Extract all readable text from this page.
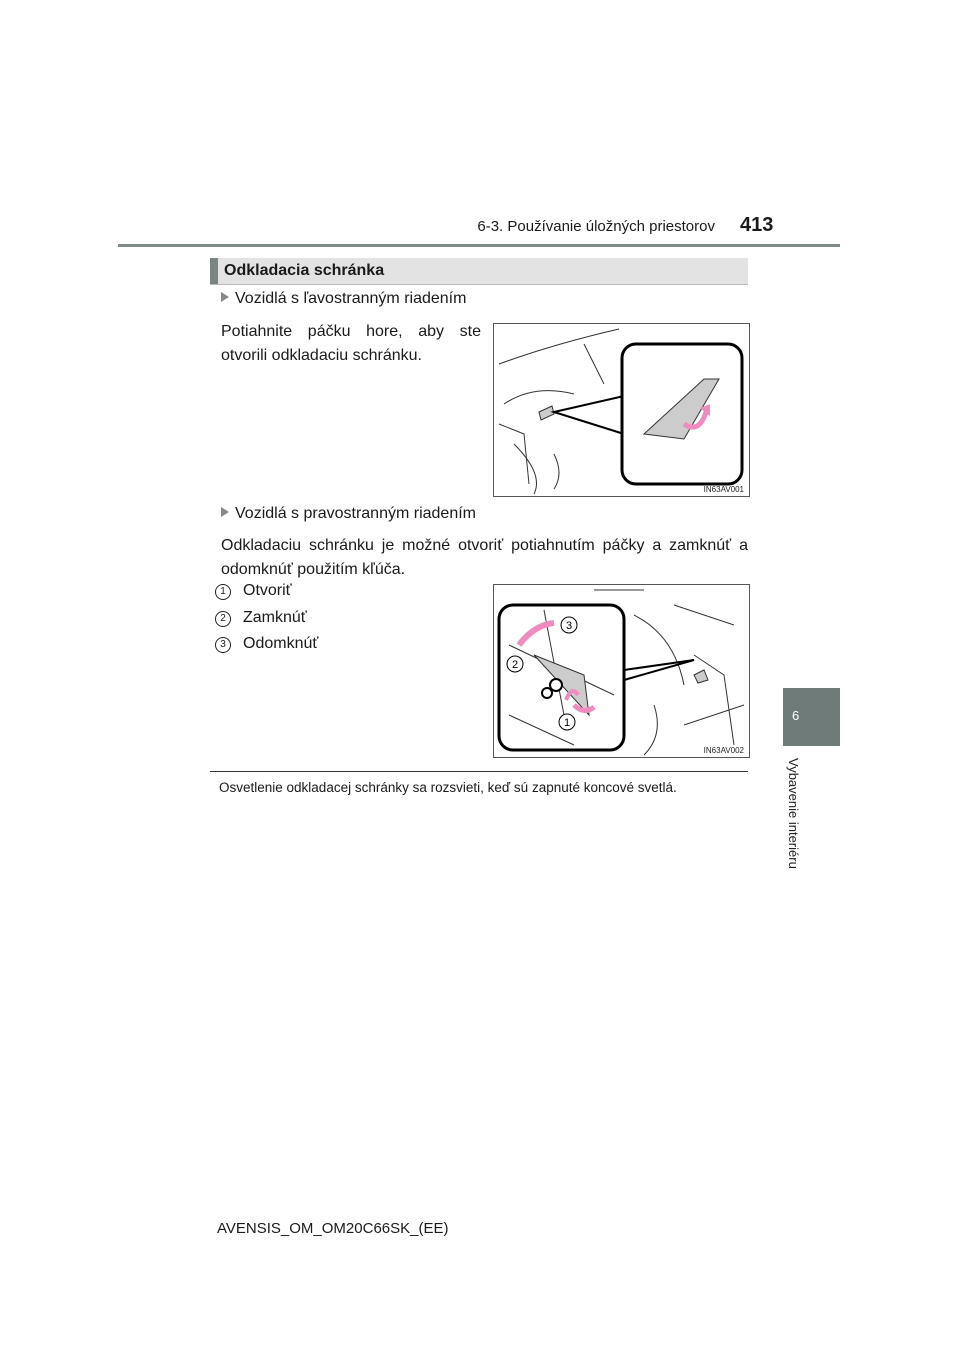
6-3. Používanie úložných priestorov 413
Odkladacia schránka
Vozidlá s ľavostranným riadením
Potiahnite páčku hore, aby ste otvorili odkladaciu schránku.
IN63AV001
Vozidlá s pravostranným riadením
Odkladaciu schránku je možné otvoriť potiahnutím páčky a zamknúť a odomknúť použitím kľúča.
1 Otvoriť
2 Zamknúť
3 Odomknúť
3
2
1
IN63AV002
Osvetlenie odkladacej schránky sa rozsvieti, keď sú zapnuté koncové svetlá.
6
Vybavenie interiéru
AVENSIS_OM_OM20C66SK_(EE)
